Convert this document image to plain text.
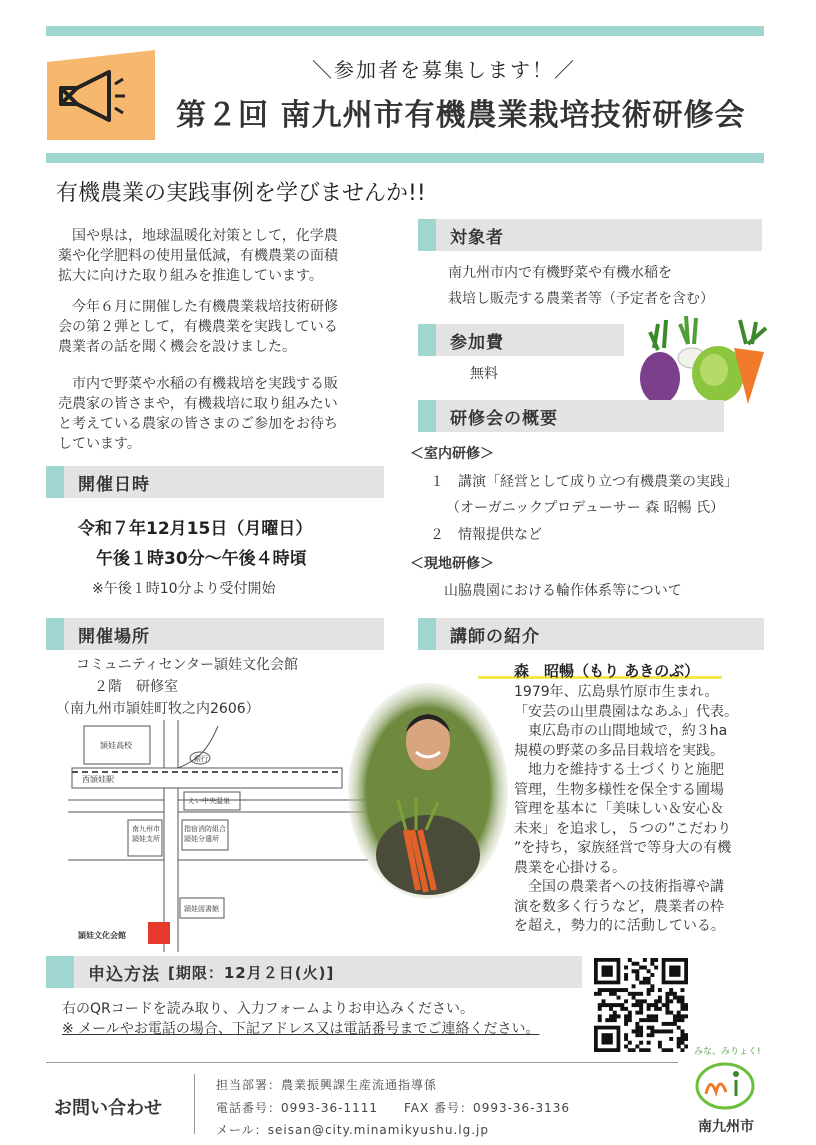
＼参加者を募集します！／
第２回 南九州市有機農業栽培技術研修会
有機農業の実践事例を学びませんか!!
　国や県は，地球温暖化対策として，化学農
薬や化学肥料の使用量低減，有機農業の面積
拡大に向けた取り組みを推進しています。
　今年６月に開催した有機農業栽培技術研修
会の第２弾として，有機農業を実践している
農業者の話を聞く機会を設けました。
　市内で野菜や水稲の有機栽培を実践する販
売農家の皆さまや，有機栽培に取り組みたい
と考えている農家の皆さまのご参加をお待ち
しています。
対象者
南九州市内で有機野菜や有機水稲を
栽培し販売する農業者等（予定者を含む）
参加費
無料
研修会の概要
＜室内研修＞
１　講演「経営として成り立つ有機農業の実践」
（オーガニックプロデューサー 森 昭暢 氏）
２　情報提供など
＜現地研修＞
山脇農園における輪作体系等について
開催日時
令和７年12月15日（月曜日）
午後１時30分～午後４時頃
※午後１時10分より受付開始
開催場所
コミュニティセンター頴娃文化会館
２階　研修室
（南九州市頴娃町牧之内2606）
頴娃高校
銀行
西頴娃駅
えい中央温泉
南九州市
頴娃支所
指宿消防組合
頴娃分遣所
頴娃図書館
頴娃文化会館
講師の紹介
森　昭暢（もり あきのぶ）
1979年、広島県竹原市生まれ。
「安芸の山里農園はなあふ」代表。
　東広島市の山間地域で，約３ha
規模の野菜の多品目栽培を実践。
　地力を維持する土づくりと施肥
管理，生物多様性を保全する圃場
管理を基本に「美味しい＆安心＆
未来」を追求し，５つの”こだわり
”を持ち，家族経営で等身大の有機
農業を心掛ける。
　全国の農業者への技術指導や講
演を数多く行うなど，農業者の枠
を超え，勢力的に活動している。
申込方法 [期限：12月２日(火)]
右のQRコードを読み取り、入力フォームよりお申込みください。
※ メールやお電話の場合、下記アドレス又は電話番号までご連絡ください。
お問い合わせ
担当部署：農業振興課生産流通指導係
電話番号：0993-36-1111　　FAX 番号：0993-36-3136
メール：seisan@city.minamikyushu.lg.jp
みな、みりょく!
南九州市
